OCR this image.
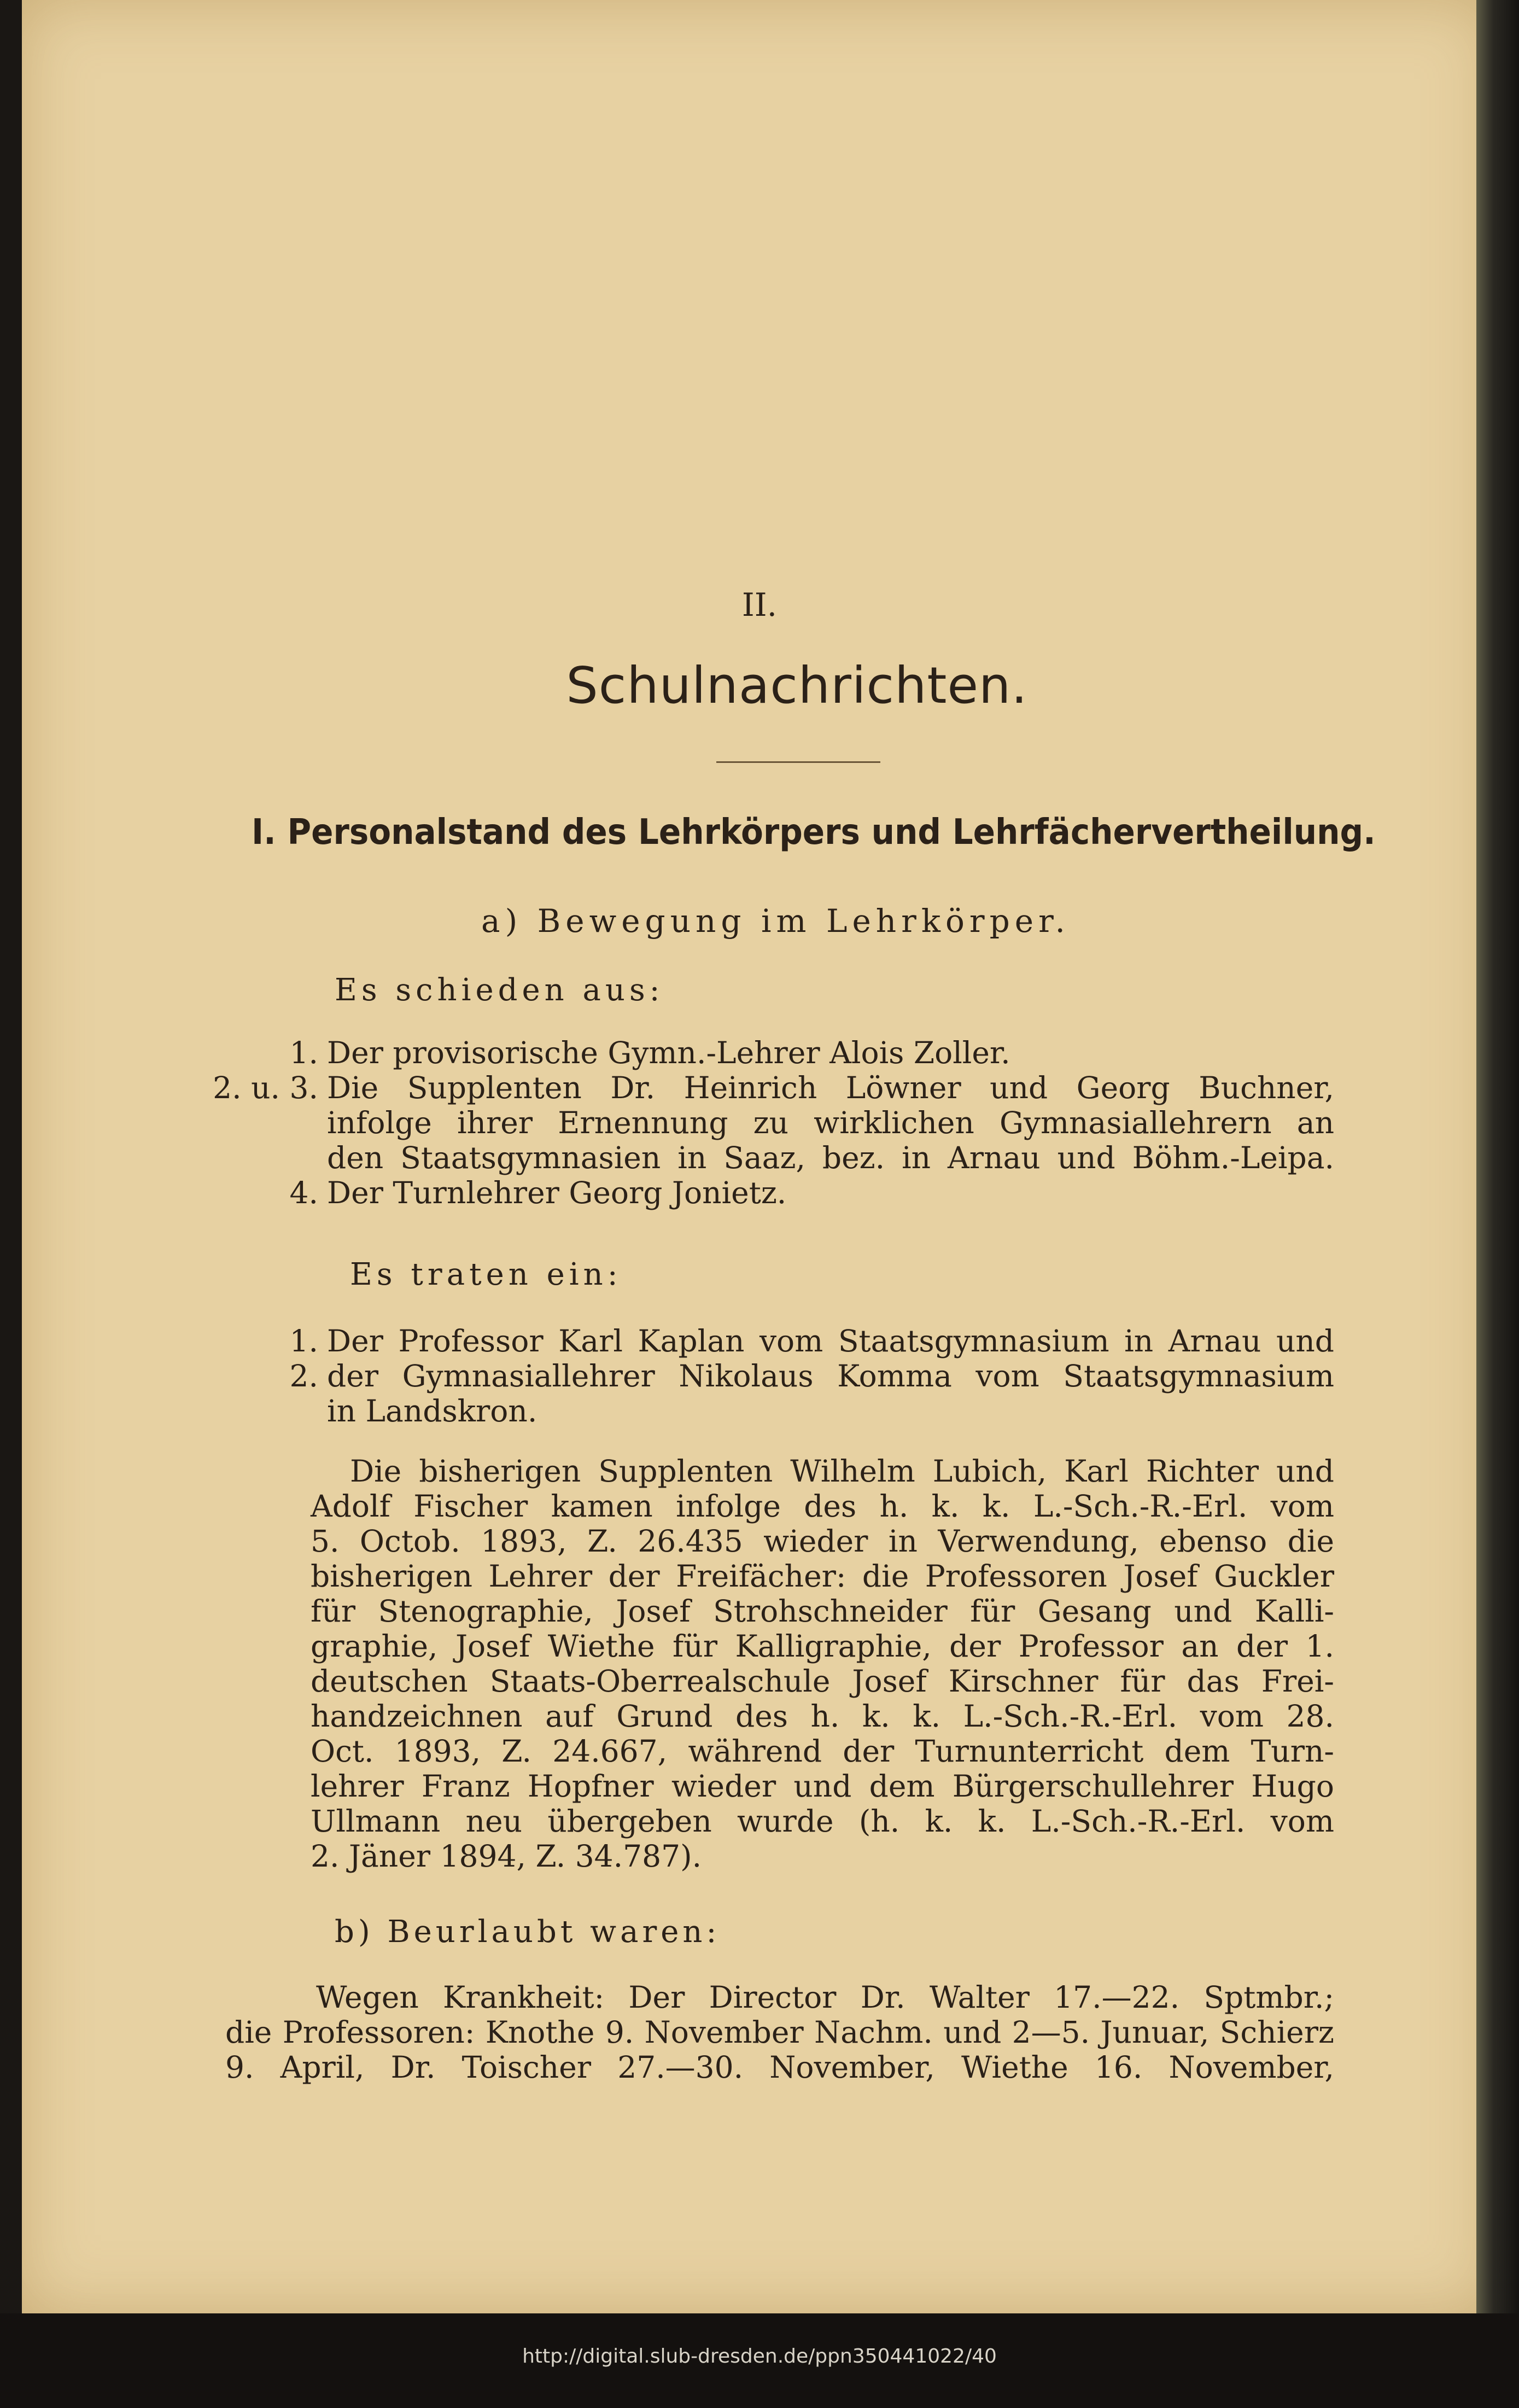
II.
Schulnachrichten.
I. Personalstand des Lehrkörpers und Lehrfächervertheilung.
a) Bewegung im Lehrkörper.
Es schieden aus:
1. Der provisorische Gymn.-Lehrer Alois Zoller.
2. u. 3. Die Supplenten Dr. Heinrich Löwner und Georg Buchner,
infolge ihrer Ernennung zu wirklichen Gymnasiallehrern an
den Staatsgymnasien in Saaz, bez. in Arnau und Böhm.-Leipa.
4. Der Turnlehrer Georg Jonietz.
Es traten ein:
1. Der Professor Karl Kaplan vom Staatsgymnasium in Arnau und
2. der Gymnasiallehrer Nikolaus Komma vom Staatsgymnasium
in Landskron.
Die bisherigen Supplenten Wilhelm Lubich, Karl Richter und
Adolf Fischer kamen infolge des h. k. k. L.-Sch.-R.-Erl. vom
5. Octob. 1893, Z. 26.435 wieder in Verwendung, ebenso die
bisherigen Lehrer der Freifächer: die Professoren Josef Guckler
für Stenographie, Josef Strohschneider für Gesang und Kalli-
graphie, Josef Wiethe für Kalligraphie, der Professor an der 1.
deutschen Staats-Oberrealschule Josef Kirschner für das Frei-
handzeichnen auf Grund des h. k. k. L.-Sch.-R.-Erl. vom 28.
Oct. 1893, Z. 24.667, während der Turnunterricht dem Turn-
lehrer Franz Hopfner wieder und dem Bürgerschullehrer Hugo
Ullmann neu übergeben wurde (h. k. k. L.-Sch.-R.-Erl. vom
2. Jäner 1894, Z. 34.787).
b) Beurlaubt waren:
Wegen Krankheit: Der Director Dr. Walter 17.—22. Sptmbr.;
die Professoren: Knothe 9. November Nachm. und 2—5. Junuar, Schierz
9. April, Dr. Toischer 27.—30. November, Wiethe 16. November,
http://digital.slub-dresden.de/ppn350441022/40
